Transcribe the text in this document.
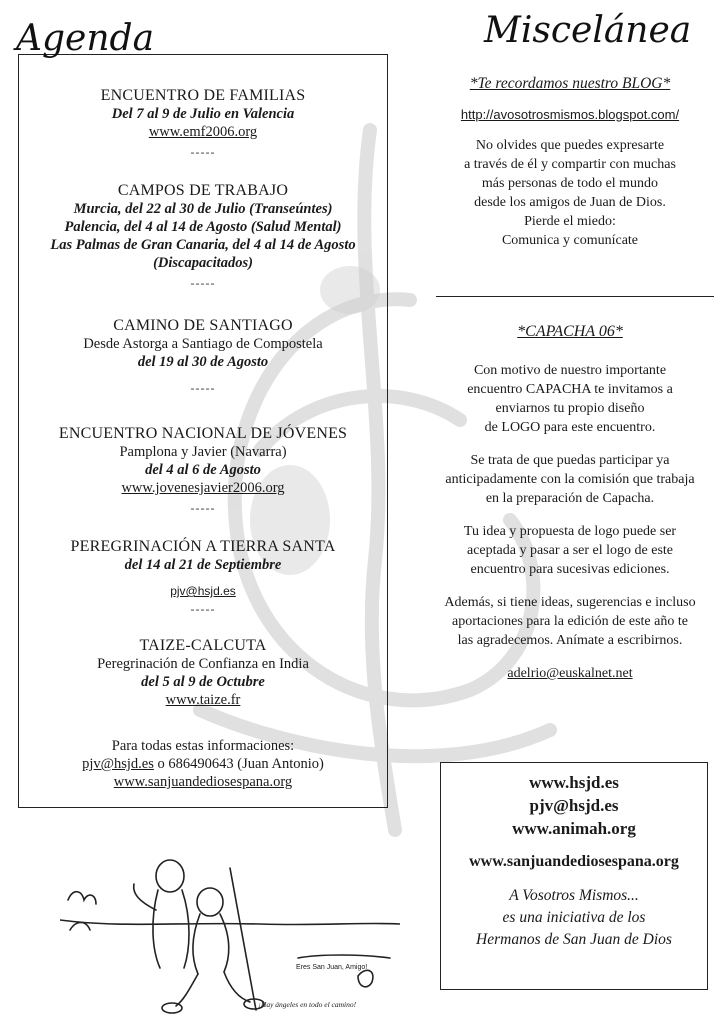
Agenda	Miscelánea
ENCUENTRO DE FAMILIAS
Del 7 al 9 de Julio en Valencia
www.emf2006.org
-----
CAMPOS DE TRABAJO
Murcia, del 22 al 30 de Julio (Transeúntes)
Palencia, del 4 al 14 de Agosto (Salud Mental)
Las Palmas de Gran Canaria, del 4 al 14 de Agosto
(Discapacitados)
-----
CAMINO DE SANTIAGO
Desde Astorga a Santiago de Compostela
del 19 al 30 de Agosto
-----
ENCUENTRO NACIONAL DE JÓVENES
Pamplona y Javier (Navarra)
del 4 al 6 de Agosto
www.jovenesjavier2006.org
-----
PEREGRINACIÓN A TIERRA SANTA
del 14 al 21 de Septiembre
pjv@hsjd.es
-----
TAIZE-CALCUTA
Peregrinación de Confianza en India
del 5 al 9 de Octubre
www.taize.fr
Para todas estas informaciones:
pjv@hsjd.es o 686490643 (Juan Antonio)
www.sanjuandediosespana.org
*Te recordamos nuestro BLOG*
http://avosotrosmismos.blogspot.com/
No olvides que puedes expresarte
a través de él y compartir con muchas
más personas de todo el mundo
desde los amigos de Juan de Dios.
Pierde el miedo:
Comunica y comunícate
*CAPACHA 06*
Con motivo de nuestro importante
encuentro CAPACHA te invitamos a
enviarnos tu propio diseño
de LOGO para este encuentro.
Se trata de que puedas participar ya
anticipadamente con la comisión que trabaja
en la preparación de Capacha.
Tu idea y propuesta de logo puede ser
aceptada y pasar a ser el logo de este
encuentro para sucesivas ediciones.
Además, si tiene ideas, sugerencias e incluso
aportaciones para la edición de este año te
las agradecemos. Anímate a escribirnos.
adelrio@euskalnet.net
www.hsjd.es
pjv@hsjd.es
www.animah.org
www.sanjuandediosespana.org
A Vosotros Mismos...
es una iniciativa de los
Hermanos de San Juan de Dios
Eres San Juan, Amigo!
¡Hay ángeles en todo el camino!
